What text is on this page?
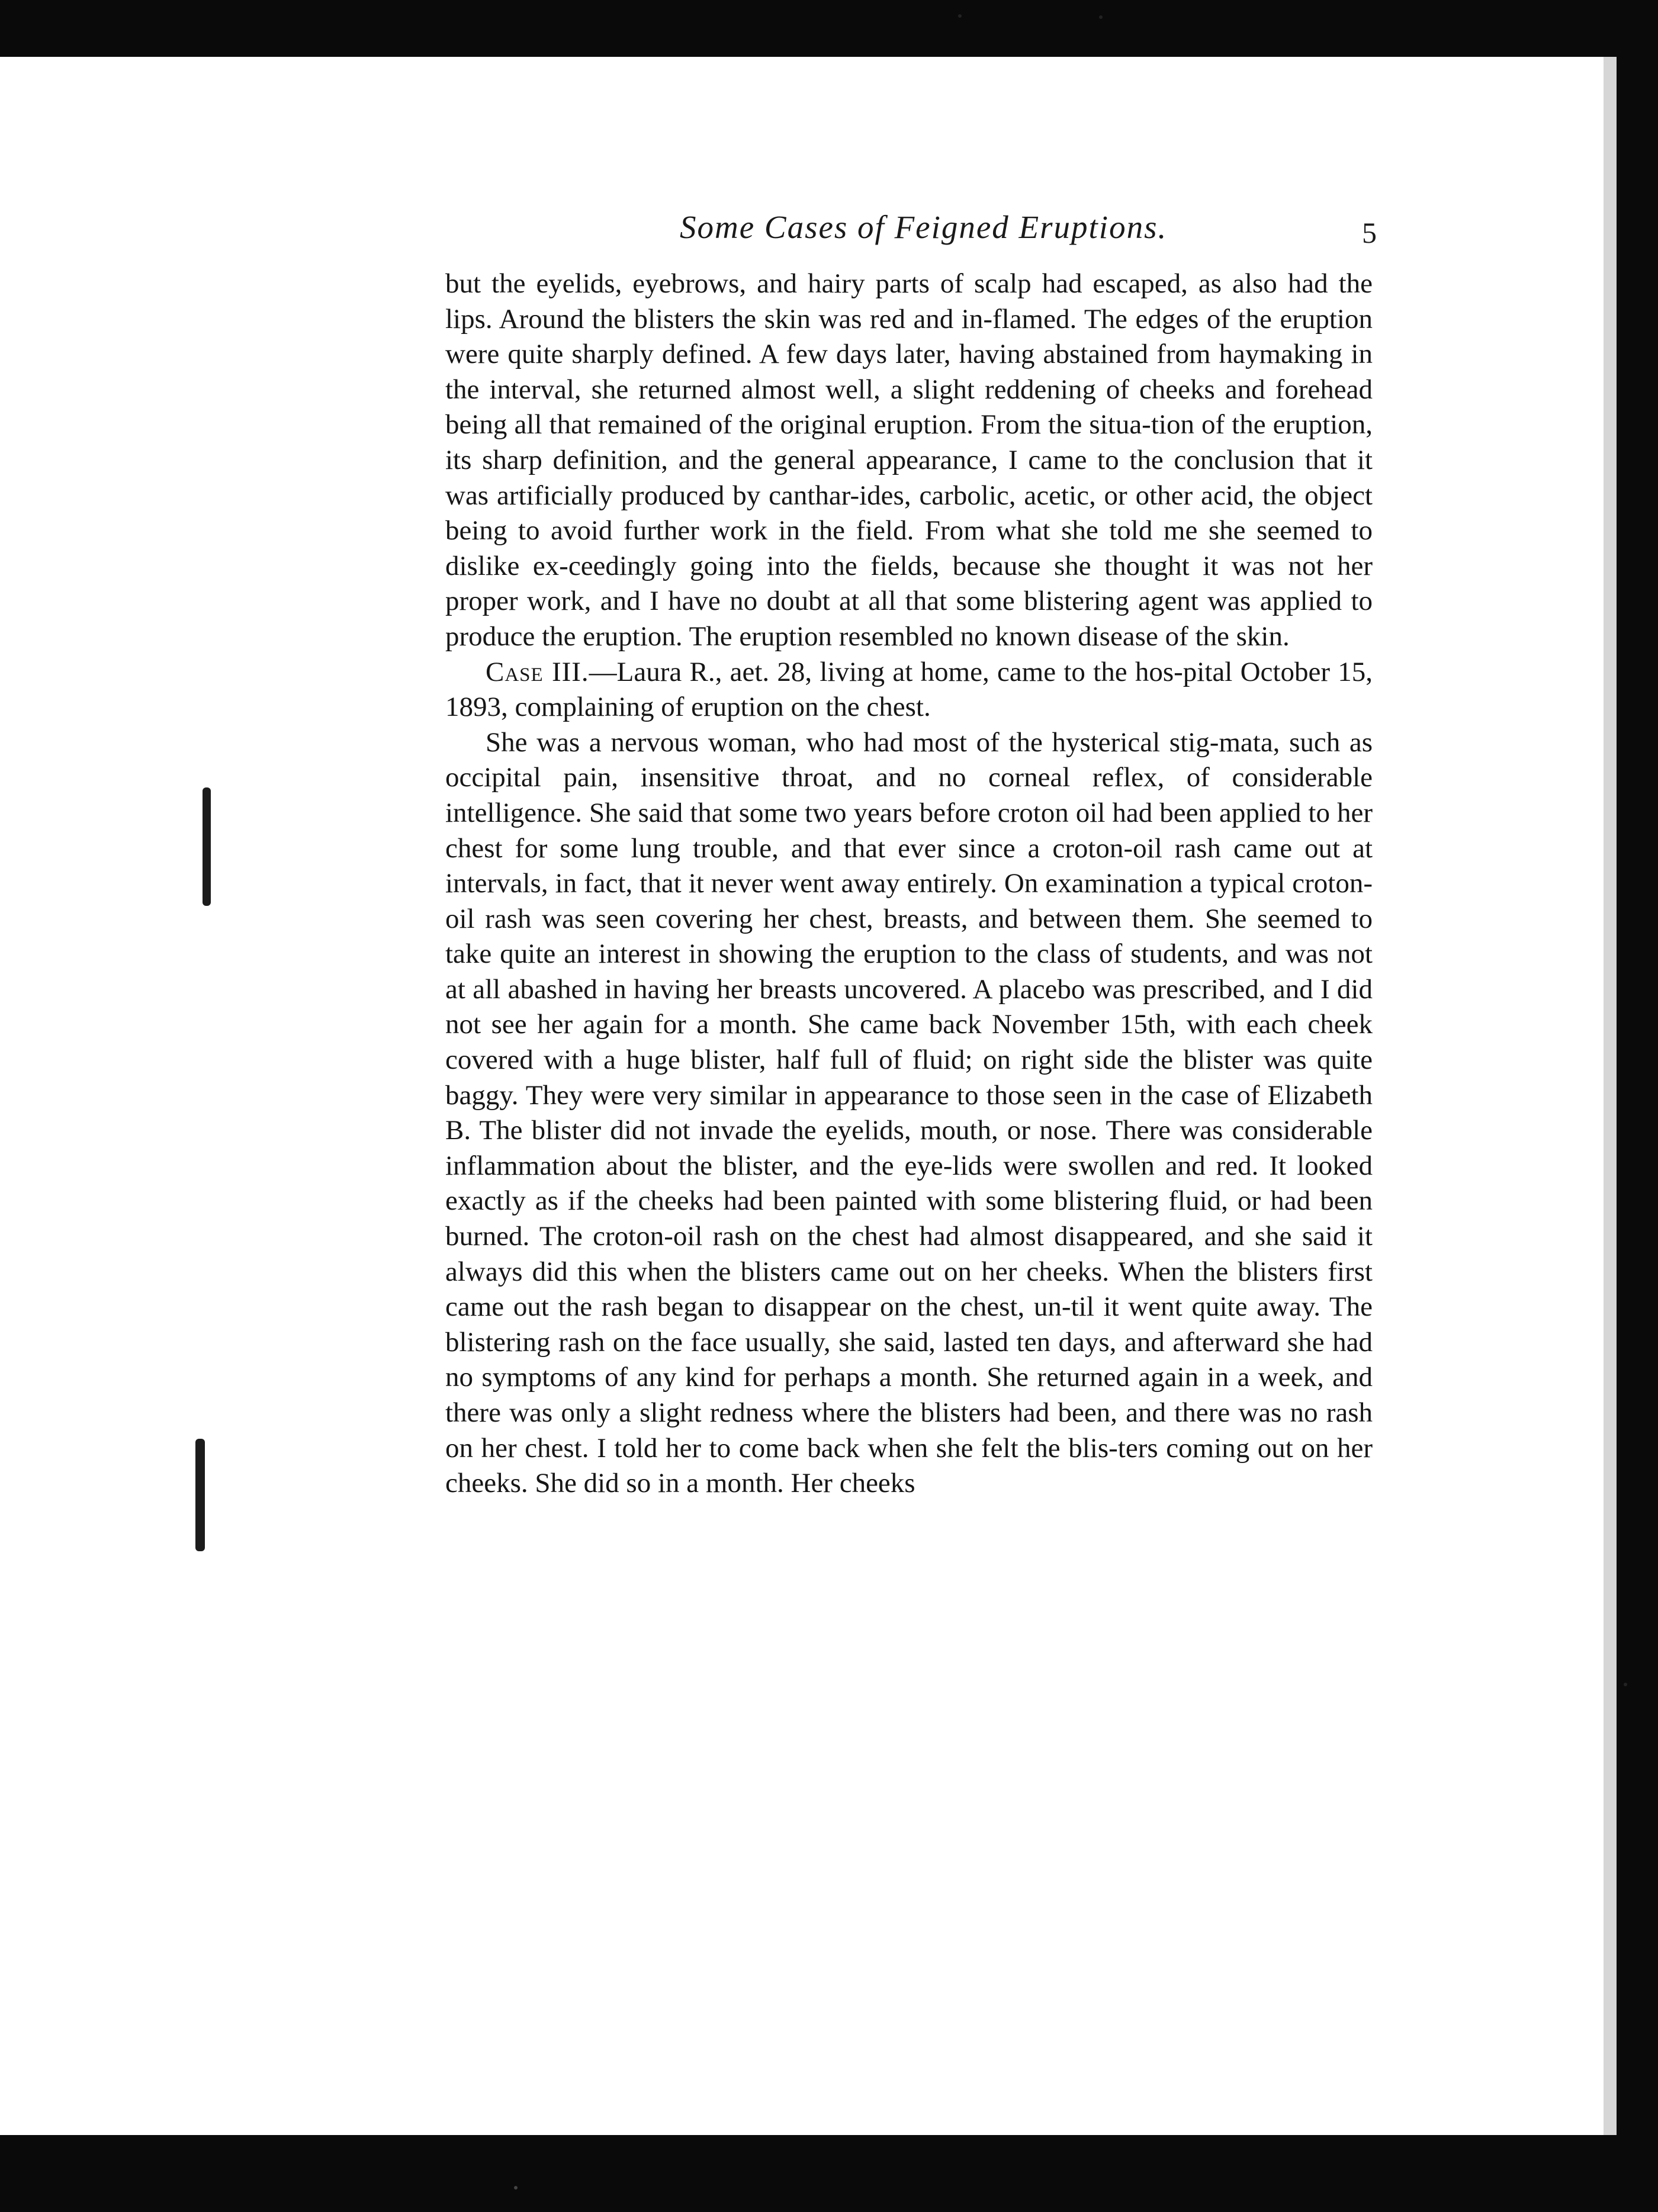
Some Cases of Feigned Eruptions.	5

but the eyelids, eyebrows, and hairy parts of scalp had escaped, as also had the lips. Around the blisters the skin was red and in-flamed. The edges of the eruption were quite sharply defined. A few days later, having abstained from haymaking in the interval, she returned almost well, a slight reddening of cheeks and forehead being all that remained of the original eruption. From the situa-tion of the eruption, its sharp definition, and the general appearance, I came to the conclusion that it was artificially produced by canthar-ides, carbolic, acetic, or other acid, the object being to avoid further work in the field. From what she told me she seemed to dislike ex-ceedingly going into the fields, because she thought it was not her proper work, and I have no doubt at all that some blistering agent was applied to produce the eruption. The eruption resembled no known disease of the skin.

Case III.—Laura R., aet. 28, living at home, came to the hos-pital October 15, 1893, complaining of eruption on the chest.

She was a nervous woman, who had most of the hysterical stig-mata, such as occipital pain, insensitive throat, and no corneal reflex, of considerable intelligence. She said that some two years before croton oil had been applied to her chest for some lung trouble, and that ever since a croton-oil rash came out at intervals, in fact, that it never went away entirely. On examination a typical croton-oil rash was seen covering her chest, breasts, and between them. She seemed to take quite an interest in showing the eruption to the class of students, and was not at all abashed in having her breasts uncovered. A placebo was prescribed, and I did not see her again for a month. She came back November 15th, with each cheek covered with a huge blister, half full of fluid; on right side the blister was quite baggy. They were very similar in appearance to those seen in the case of Elizabeth B. The blister did not invade the eyelids, mouth, or nose. There was considerable inflammation about the blister, and the eye-lids were swollen and red. It looked exactly as if the cheeks had been painted with some blistering fluid, or had been burned. The croton-oil rash on the chest had almost disappeared, and she said it always did this when the blisters came out on her cheeks. When the blisters first came out the rash began to disappear on the chest, un-til it went quite away. The blistering rash on the face usually, she said, lasted ten days, and afterward she had no symptoms of any kind for perhaps a month. She returned again in a week, and there was only a slight redness where the blisters had been, and there was no rash on her chest. I told her to come back when she felt the blis-ters coming out on her cheeks. She did so in a month. Her cheeks
